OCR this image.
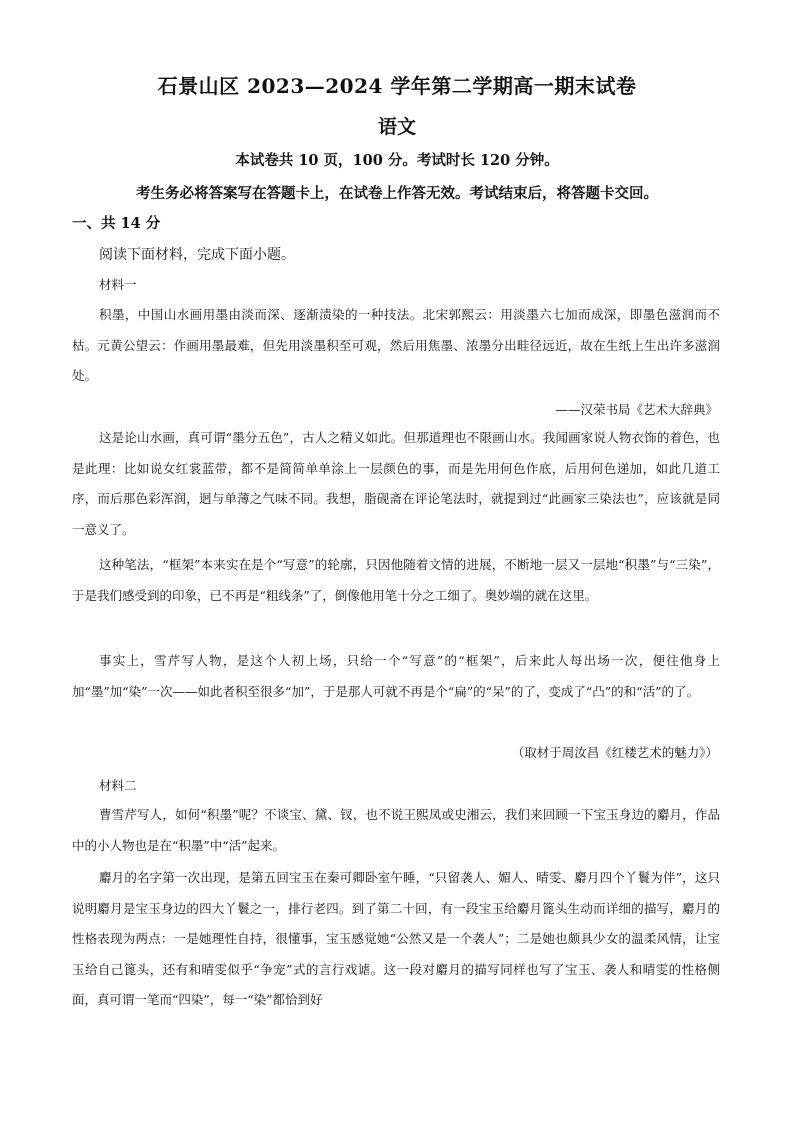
石景山区 2023—2024 学年第二学期高一期末试卷
语文
本试卷共 10 页，100 分。考试时长 120 分钟。
考生务必将答案写在答题卡上，在试卷上作答无效。考试结束后，将答题卡交回。
一、共 14 分
阅读下面材料，完成下面小题。
材料一
积墨，中国山水画用墨由淡而深、逐渐渍染的一种技法。北宋郭熙云：用淡墨六七加而成深，即墨色滋润而不枯。元黄公望云：作画用墨最难，但先用淡墨积至可观，然后用焦墨、浓墨分出畦径远近，故在生纸上生出许多滋润处。
——汉荣书局《艺术大辞典》
这是论山水画，真可谓“墨分五色”，古人之精义如此。但那道理也不限画山水。我闻画家说人物衣饰的着色，也是此理：比如说女红裳蓝带，都不是简简单单涂上一层颜色的事，而是先用何色作底，后用何色递加，如此几道工序，而后那色彩浑润，迥与单薄之气味不同。我想，脂砚斋在评论笔法时，就提到过“此画家三染法也”，应该就是同一意义了。
这种笔法，“框架”本来实在是个“写意”的轮廓，只因他随着文情的进展，不断地一层又一层地“积墨”与“三染”，于是我们感受到的印象，已不再是“粗线条”了，倒像他用笔十分之工细了。奥妙端的就在这里。
事实上，雪芹写人物，是这个人初上场，只给一个“写意”的“框架”，后来此人每出场一次，便往他身上加“墨”加“染”一次——如此者积至很多“加”，于是那人可就不再是个“扁”的“呆”的了，变成了“凸”的和“活”的了。
（取材于周汝昌《红楼艺术的魅力》）
材料二
曹雪芹写人，如何“积墨”呢？不谈宝、黛、钗，也不说王熙凤或史湘云，我们来回顾一下宝玉身边的麝月，作品中的小人物也是在“积墨”中“活”起来。
麝月的名字第一次出现，是第五回宝玉在秦可卿卧室午睡，“只留袭人、媚人、晴雯、麝月四个丫鬟为伴”，这只说明麝月是宝玉身边的四大丫鬟之一，排行老四。到了第二十回，有一段宝玉给麝月篦头生动而详细的描写，麝月的性格表现为两点：一是她理性自持，很懂事，宝玉感觉她“公然又是一个袭人”；二是她也颇具少女的温柔风情，让宝玉给自己篦头，还有和晴雯似乎“争宠”式的言行戏谑。这一段对麝月的描写同样也写了宝玉、袭人和晴雯的性格侧面，真可谓一笔而“四染”，每一“染”都恰到好
